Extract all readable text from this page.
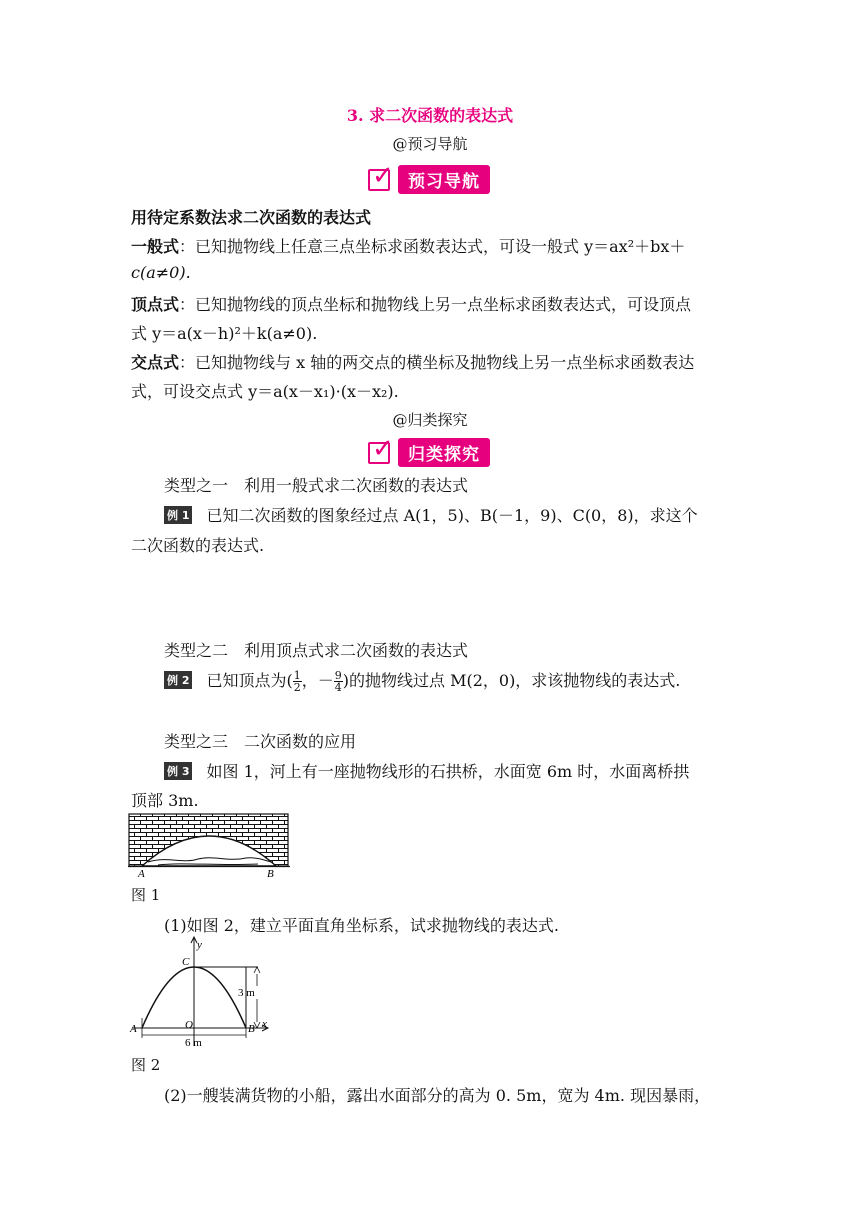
3. 求二次函数的表达式
@预习导航
✓ 预习导航
用待定系数法求二次函数的表达式
一般式：已知抛物线上任意三点坐标求函数表达式，可设一般式 y＝ax²＋bx＋
c(a≠0).
顶点式：已知抛物线的顶点坐标和抛物线上另一点坐标求函数表达式，可设顶点
式 y＝a(x－h)²＋k(a≠0).
交点式：已知抛物线与 x 轴的两交点的横坐标及抛物线上另一点坐标求函数表达
式，可设交点式 y＝a(x－x₁)·(x－x₂).
@归类探究
✓ 归类探究
类型之一　利用一般式求二次函数的表达式
例 1 已知二次函数的图象经过点 A(1，5)、B(－1，9)、C(0，8)，求这个
二次函数的表达式.
类型之二　利用顶点式求二次函数的表达式
例 2 已知顶点为( $\frac{1}{2}$ ，－ $\frac{9}{4}$ )的抛物线过点 M(2，0)，求该抛物线的表达式.
类型之三　二次函数的应用
例 3 如图 1，河上有一座抛物线形的石拱桥，水面宽 6m 时，水面离桥拱
顶部 3m.
A	B
图 1
(1)如图 2，建立平面直角坐标系，试求抛物线的表达式.
y
x
C
A	O	B
3 m
6 m
图 2
(2)一艘装满货物的小船，露出水面部分的高为 0. 5m，宽为 4m. 现因暴雨，
